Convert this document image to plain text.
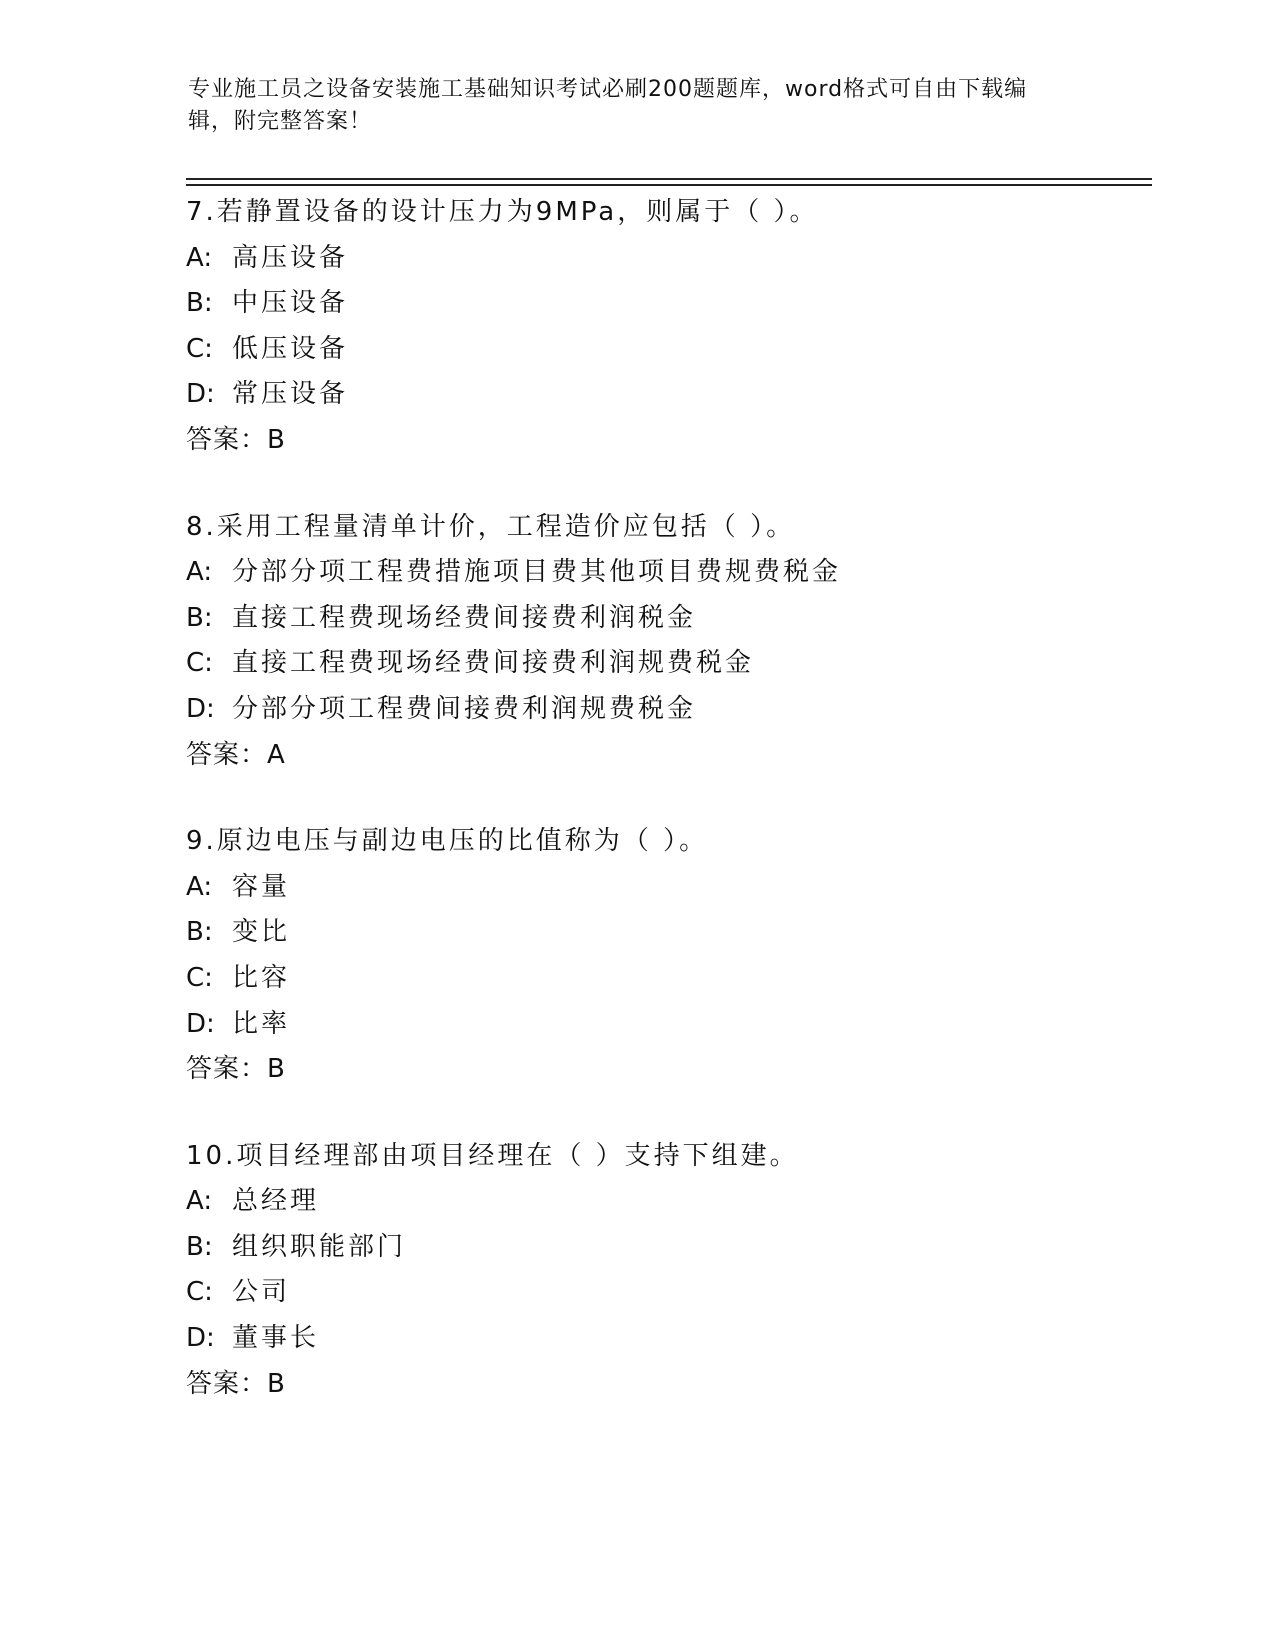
专业施工员之设备安装施工基础知识考试必刷200题题库，word格式可自由下载编辑，附完整答案！
7.若静置设备的设计压力为9MPa，则属于（ ）。
A: 高压设备
B: 中压设备
C: 低压设备
D: 常压设备
答案：B
8.采用工程量清单计价，工程造价应包括（ ）。
A: 分部分项工程费措施项目费其他项目费规费税金
B: 直接工程费现场经费间接费利润税金
C: 直接工程费现场经费间接费利润规费税金
D: 分部分项工程费间接费利润规费税金
答案：A
9.原边电压与副边电压的比值称为（ ）。
A: 容量
B: 变比
C: 比容
D: 比率
答案：B
10.项目经理部由项目经理在（ ）支持下组建。
A: 总经理
B: 组织职能部门
C: 公司
D: 董事长
答案：B
